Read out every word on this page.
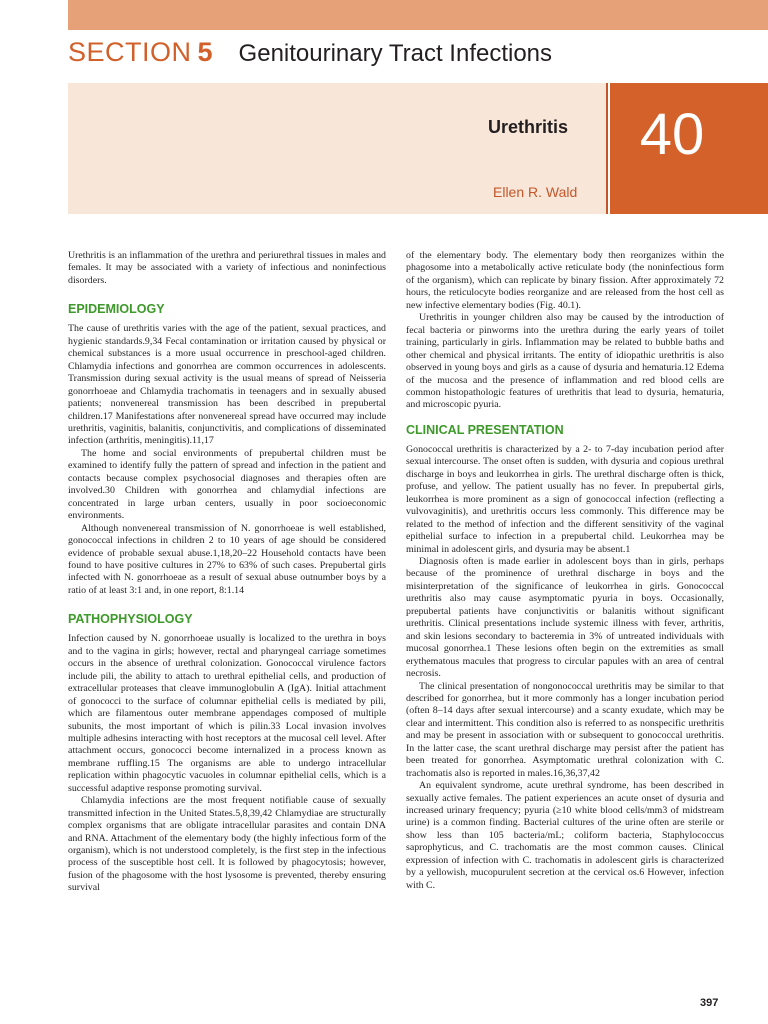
SECTION 5 Genitourinary Tract Infections
Urethritis
Ellen R. Wald
40

Urethritis is an inflammation of the urethra and periurethral tissues in males and females. It may be associated with a variety of infectious and noninfectious disorders.

EPIDEMIOLOGY

The cause of urethritis varies with the age of the patient, sexual practices, and hygienic standards.9,34 Fecal contamination or irritation caused by physical or chemical substances is a more usual occurrence in preschool-aged children. Chlamydia infections and gonorrhea are common occurrences in adolescents. Transmission during sexual activity is the usual means of spread of Neisseria gonorrhoeae and Chlamydia trachomatis in teenagers and in sexually abused patients; nonvenereal transmission has been described in prepubertal children.17 Manifestations after nonvenereal spread have occurred may include urethritis, vaginitis, balanitis, conjunctivitis, and complications of disseminated infection (arthritis, meningitis).11,17

The home and social environments of prepubertal children must be examined to identify fully the pattern of spread and infection in the patient and contacts because complex psychosocial diagnoses and therapies often are involved.30 Children with gonorrhea and chlamydial infections are concentrated in large urban centers, usually in poor socioeconomic environments.

Although nonvenereal transmission of N. gonorrhoeae is well established, gonococcal infections in children 2 to 10 years of age should be considered evidence of probable sexual abuse.1,18,20–22 Household contacts have been found to have positive cultures in 27% to 63% of such cases. Prepubertal girls infected with N. gonorrhoeae as a result of sexual abuse outnumber boys by a ratio of at least 3:1 and, in one report, 8:1.14

PATHOPHYSIOLOGY

Infection caused by N. gonorrhoeae usually is localized to the urethra in boys and to the vagina in girls; however, rectal and pharyngeal carriage sometimes occurs in the absence of urethral colonization. Gonococcal virulence factors include pili, the ability to attach to urethral epithelial cells, and production of extracellular proteases that cleave immunoglobulin A (IgA). Initial attachment of gonococci to the surface of columnar epithelial cells is mediated by pili, which are filamentous outer membrane appendages composed of multiple subunits, the most important of which is pilin.33 Local invasion involves multiple adhesins interacting with host receptors at the mucosal cell level. After attachment occurs, gonococci become internalized in a process known as membrane ruffling.15 The organisms are able to undergo intracellular replication within phagocytic vacuoles in columnar epithelial cells, which is a successful adaptive response promoting survival.

Chlamydia infections are the most frequent notifiable cause of sexually transmitted infection in the United States.5,8,39,42 Chlamydiae are structurally complex organisms that are obligate intracellular parasites and contain DNA and RNA. Attachment of the elementary body (the highly infectious form of the organism), which is not understood completely, is the first step in the infectious process of the susceptible host cell. It is followed by phagocytosis; however, fusion of the phagosome with the host lysosome is prevented, thereby ensuring survival

of the elementary body. The elementary body then reorganizes within the phagosome into a metabolically active reticulate body (the noninfectious form of the organism), which can replicate by binary fission. After approximately 72 hours, the reticulocyte bodies reorganize and are released from the host cell as new infective elementary bodies (Fig. 40.1).

Urethritis in younger children also may be caused by the introduction of fecal bacteria or pinworms into the urethra during the early years of toilet training, particularly in girls. Inflammation may be related to bubble baths and other chemical and physical irritants. The entity of idiopathic urethritis is also observed in young boys and girls as a cause of dysuria and hematuria.12 Edema of the mucosa and the presence of inflammation and red blood cells are common histopathologic features of urethritis that lead to dysuria, hematuria, and microscopic pyuria.

CLINICAL PRESENTATION

Gonococcal urethritis is characterized by a 2- to 7-day incubation period after sexual intercourse. The onset often is sudden, with dysuria and copious urethral discharge in boys and leukorrhea in girls. The urethral discharge often is thick, profuse, and yellow. The patient usually has no fever. In prepubertal girls, leukorrhea is more prominent as a sign of gonococcal infection (reflecting a vulvovaginitis), and urethritis occurs less commonly. This difference may be related to the method of infection and the different sensitivity of the vaginal epithelial surface to infection in a prepubertal child. Leukorrhea may be minimal in adolescent girls, and dysuria may be absent.1

Diagnosis often is made earlier in adolescent boys than in girls, perhaps because of the prominence of urethral discharge in boys and the misinterpretation of the significance of leukorrhea in girls. Gonococcal urethritis also may cause asymptomatic pyuria in boys. Occasionally, prepubertal patients have conjunctivitis or balanitis without significant urethritis. Clinical presentations include systemic illness with fever, arthritis, and skin lesions secondary to bacteremia in 3% of untreated individuals with mucosal gonorrhea.1 These lesions often begin on the extremities as small erythematous macules that progress to circular papules with an area of central necrosis.

The clinical presentation of nongonococcal urethritis may be similar to that described for gonorrhea, but it more commonly has a longer incubation period (often 8–14 days after sexual intercourse) and a scanty exudate, which may be clear and intermittent. This condition also is referred to as nonspecific urethritis and may be present in association with or subsequent to gonococcal urethritis. In the latter case, the scant urethral discharge may persist after the patient has been treated for gonorrhea. Asymptomatic urethral colonization with C. trachomatis also is reported in males.16,36,37,42

An equivalent syndrome, acute urethral syndrome, has been described in sexually active females. The patient experiences an acute onset of dysuria and increased urinary frequency; pyuria (≥10 white blood cells/mm3 of midstream urine) is a common finding. Bacterial cultures of the urine often are sterile or show less than 105 bacteria/mL; coliform bacteria, Staphylococcus saprophyticus, and C. trachomatis are the most common causes. Clinical expression of infection with C. trachomatis in adolescent girls is characterized by a yellowish, mucopurulent secretion at the cervical os.6 However, infection with C.

397
